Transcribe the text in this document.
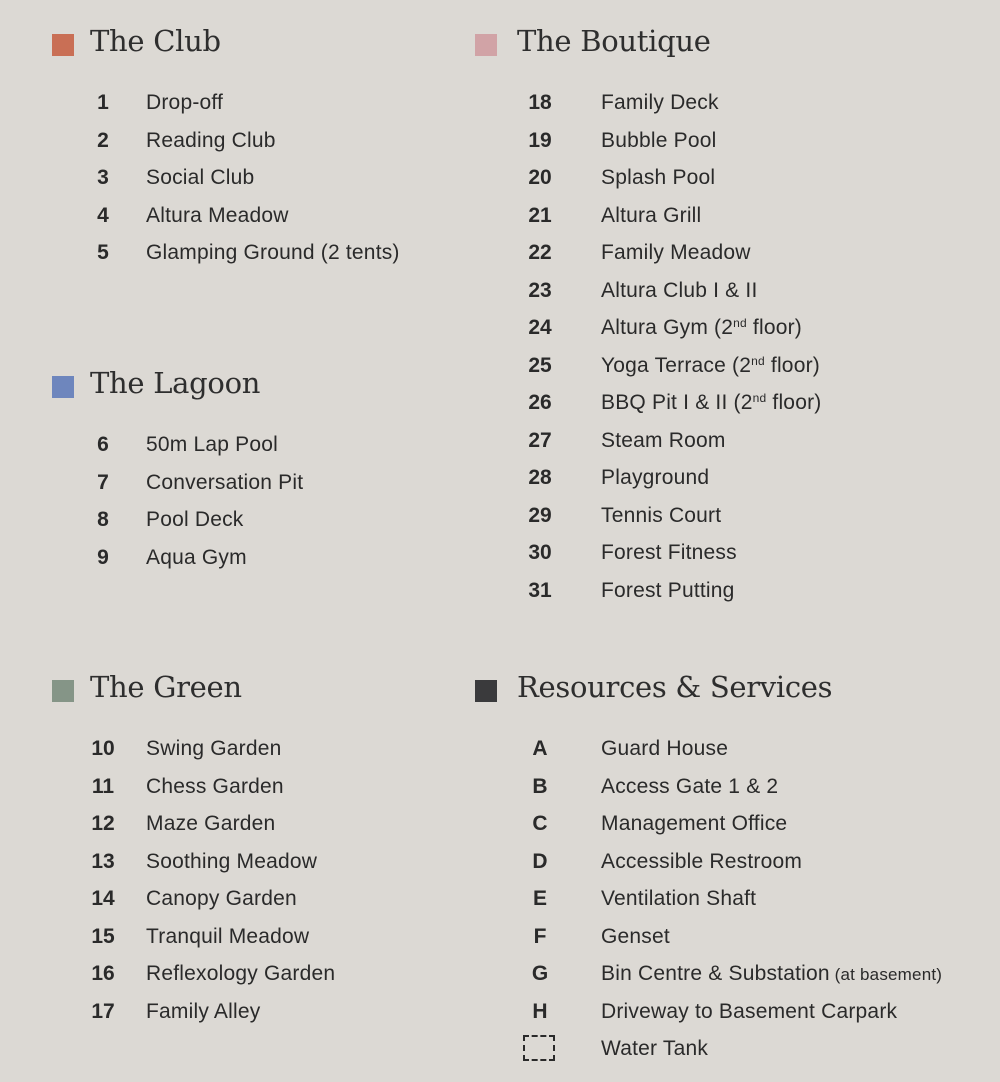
The Club
1	Drop-off
2	Reading Club
3	Social Club
4	Altura Meadow
5	Glamping Ground (2 tents)
The Lagoon
6	50m Lap Pool
7	Conversation Pit
8	Pool Deck
9	Aqua Gym
The Green
10	Swing Garden
11	Chess Garden
12	Maze Garden
13	Soothing Meadow
14	Canopy Garden
15	Tranquil Meadow
16	Reflexology Garden
17	Family Alley
The Boutique
18	Family Deck
19	Bubble Pool
20	Splash Pool
21	Altura Grill
22	Family Meadow
23	Altura Club I & II
24	Altura Gym (2nd floor)
25	Yoga Terrace (2nd floor)
26	BBQ Pit I & II (2nd floor)
27	Steam Room
28	Playground
29	Tennis Court
30	Forest Fitness
31	Forest Putting
Resources & Services
A	Guard House
B	Access Gate 1 & 2
C	Management Office
D	Accessible Restroom
E	Ventilation Shaft
F	Genset
G	Bin Centre & Substation (at basement)
H	Driveway to Basement Carpark
Water Tank
